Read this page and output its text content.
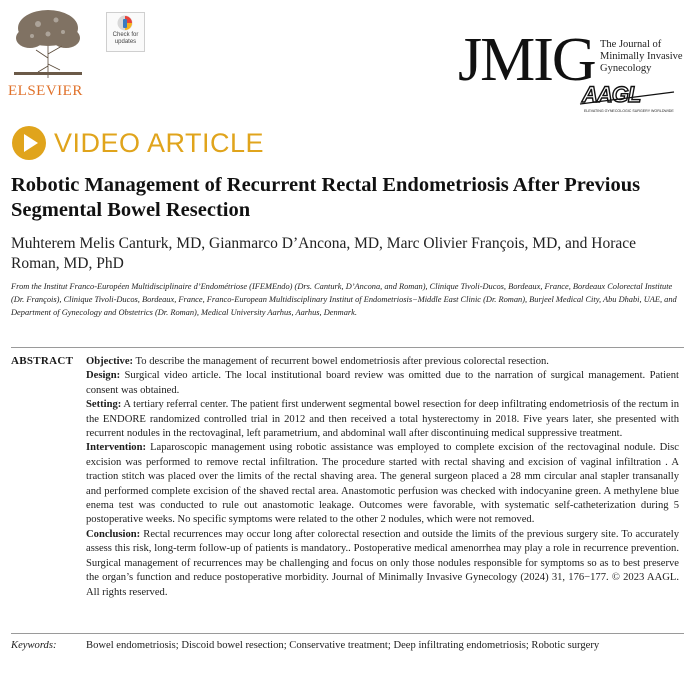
ELSEVIER
Check for updates	JMIG The Journal of
Minimally Invasive
Gynecology
AAGL
ELEVATING GYNECOLOGIC SURGERY WORLDWIDE
VIDEO ARTICLE
Robotic Management of Recurrent Rectal Endometriosis After Previous Segmental Bowel Resection
Muhterem Melis Canturk, MD, Gianmarco D’Ancona, MD, Marc Olivier François, MD, and Horace Roman, MD, PhD
From the Institut Franco-Européen Multidisciplinaire d’Endométriose (IFEMEndo) (Drs. Canturk, D’Ancona, and Roman), Clinique Tivoli-Ducos, Bordeaux, France, Bordeaux Colorectal Institute (Dr. François), Clinique Tivoli-Ducos, Bordeaux, France, Franco-European Multidisciplinary Institut of Endometriosis−Middle East Clinic (Dr. Roman), Burjeel Medical City, Abu Dhabi, UAE, and Department of Gynecology and Obstetrics (Dr. Roman), Medical University Aarhus, Aarhus, Denmark.
ABSTRACT Objective: To describe the management of recurrent bowel endometriosis after previous colorectal resection.

Design: Surgical video article. The local institutional board review was omitted due to the narration of surgical management. Patient consent was obtained.

Setting: A tertiary referral center. The patient first underwent segmental bowel resection for deep infiltrating endometriosis of the rectum in the ENDORE randomized controlled trial in 2012 and then received a total hysterectomy in 2018. Five years later, she presented with recurrent nodules in the rectovaginal, left parametrium, and abdominal wall after discontinuing medical suppressive treatment.

Intervention: Laparoscopic management using robotic assistance was employed to complete excision of the rectovaginal nodule. Disc excision was performed to remove rectal infiltration. The procedure started with rectal shaving and excision of vaginal infiltration . A traction stitch was placed over the limits of the rectal shaving area. The general surgeon placed a 28 mm circular anal stapler transanally and performed complete excision of the shaved rectal area. Anastomotic perfusion was checked with indocyanine green. A methylene blue enema test was conducted to rule out anastomotic leakage. Outcomes were favorable, with systematic self-catheterization during 5 postoperative weeks. No specific symptoms were related to the other 2 nodules, which were not removed.

Conclusion: Rectal recurrences may occur long after colorectal resection and outside the limits of the previous surgery site. To accurately assess this risk, long-term follow-up of patients is mandatory.. Postoperative medical amenorrhea may play a role in recurrence prevention. Surgical management of recurrences may be challenging and focus on only those nodules responsible for symptoms so as to best preserve the organ’s function and reduce postoperative morbidity. Journal of Minimally Invasive Gynecology (2024) 31, 176−177. © 2023 AAGL. All rights reserved.

Keywords:	Bowel endometriosis; Discoid bowel resection; Conservative treatment; Deep infiltrating endometriosis; Robotic surgery
